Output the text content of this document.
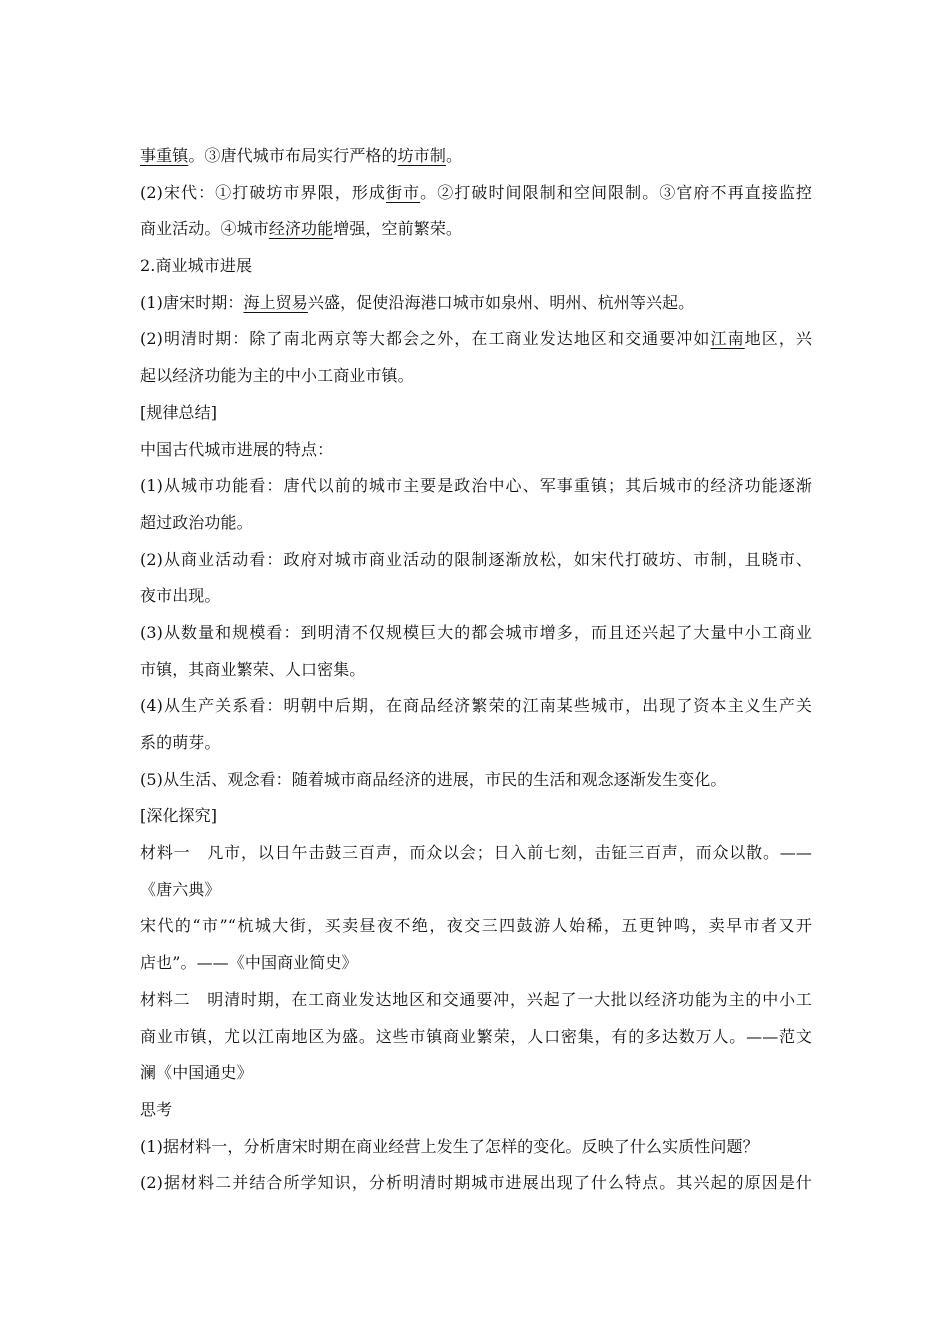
事重镇。③唐代城市布局实行严格的坊市制。
(2)宋代：①打破坊市界限，形成街市。②打破时间限制和空间限制。③官府不再直接监控
商业活动。④城市经济功能增强，空前繁荣。
2.商业城市进展
(1)唐宋时期：海上贸易兴盛，促使沿海港口城市如泉州、明州、杭州等兴起。
(2)明清时期：除了南北两京等大都会之外，在工商业发达地区和交通要冲如江南地区，兴
起以经济功能为主的中小工商业市镇。
[规律总结]
中国古代城市进展的特点：
(1)从城市功能看：唐代以前的城市主要是政治中心、军事重镇；其后城市的经济功能逐渐
超过政治功能。
(2)从商业活动看：政府对城市商业活动的限制逐渐放松，如宋代打破坊、市制，且晓市、
夜市出现。
(3)从数量和规模看：到明清不仅规模巨大的都会城市增多，而且还兴起了大量中小工商业
市镇，其商业繁荣、人口密集。
(4)从生产关系看：明朝中后期，在商品经济繁荣的江南某些城市，出现了资本主义生产关
系的萌芽。
(5)从生活、观念看：随着城市商品经济的进展，市民的生活和观念逐渐发生变化。
[深化探究]
材料一　凡市，以日午击鼓三百声，而众以会；日入前七刻，击钲三百声，而众以散。——
《唐六典》
宋代的“市”“杭城大街，买卖昼夜不绝，夜交三四鼓游人始稀，五更钟鸣，卖早市者又开
店也”。——《中国商业简史》
材料二　明清时期，在工商业发达地区和交通要冲，兴起了一大批以经济功能为主的中小工
商业市镇，尤以江南地区为盛。这些市镇商业繁荣，人口密集，有的多达数万人。——范文
澜《中国通史》
思考
(1)据材料一，分析唐宋时期在商业经营上发生了怎样的变化。反映了什么实质性问题？
(2)据材料二并结合所学知识，分析明清时期城市进展出现了什么特点。其兴起的原因是什
